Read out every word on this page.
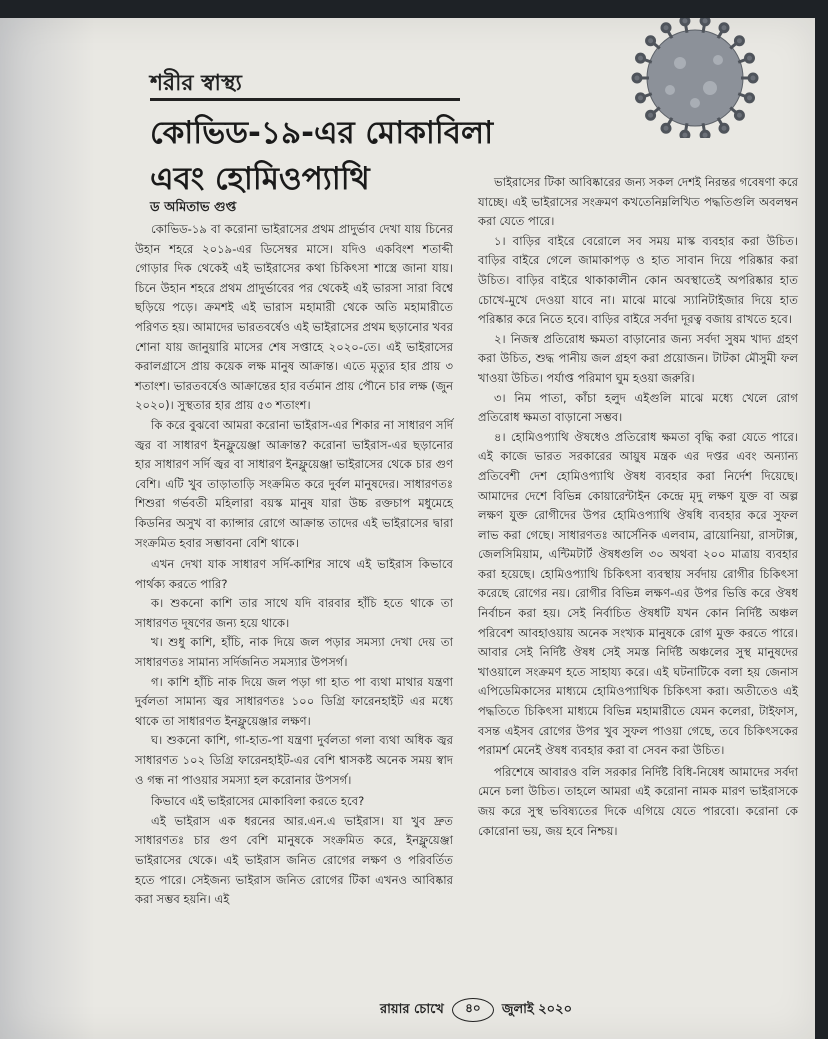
শরীর স্বাস্থ্য
কোভিড-১৯-এর মোকাবিলা
এবং হোমিওপ্যাথি
ড অমিতাভ গুপ্ত

কোভিড-১৯ বা করোনা ভাইরাসের প্রথম প্রাদুর্ভাব দেখা যায় চিনের উহান শহরে ২০১৯-এর ডিসেম্বর মাসে। যদিও একবিংশ শতাব্দী গোড়ার দিক থেকেই এই ভাইরাসের কথা চিকিৎসা শাস্ত্রে জানা যায়। চিনে উহান শহরে প্রথম প্রাদুর্ভাবের পর থেকেই এই ভারসা সারা বিশ্বে ছড়িয়ে পড়ে। ক্রমশই এই ভারাস মহামারী থেকে অতি মহামারীতে পরিণত হয়। আমাদের ভারতবর্ষেও এই ভাইরাসের প্রথম ছড়ানোর খবর শোনা যায় জানুয়ারি মাসের শেষ সপ্তাহে ২০২০-তে। এই ভাইরাসের করালগ্রাসে প্রায় কয়েক লক্ষ মানুষ আক্রান্ত। এতে মৃত্যুর হার প্রায় ৩ শতাংশ। ভারতবর্ষেও আক্রান্তের হার বর্তমান প্রায় পৌনে চার লক্ষ (জুন ২০২০)। সুস্থতার হার প্রায় ৫৩ শতাংশ।

কি করে বুঝবো আমরা করোনা ভাইরাস-এর শিকার না সাধারণ সর্দি জ্বর বা সাধারণ ইনফ্লুয়েঞ্জা আক্রান্ত? করোনা ভাইরাস-এর ছড়ানোর হার সাধারণ সর্দি জ্বর বা সাধারণ ইনফ্লুয়েঞ্জা ভাইরাসের থেকে চার গুণ বেশি। এটি খুব তাড়াতাড়ি সংক্রমিত করে দুর্বল মানুষদের। সাধারণতঃ শিশুরা গর্ভবতী মহিলারা বয়স্ক মানুষ যারা উচ্চ রক্তচাপ মধুমেহে কিডনির অসুখ বা ক্যান্সার রোগে আক্রান্ত তাদের এই ভাইরাসের দ্বারা সংক্রমিত হবার সম্ভাবনা বেশি থাকে।

এখন দেখা যাক সাধারণ সর্দি-কাশির সাথে এই ভাইরাস কিভাবে পার্থক্য করতে পারি?

ক। শুকনো কাশি তার সাথে যদি বারবার হাঁচি হতে থাকে তা সাধারণত দূষণের জন্য হয়ে থাকে।

খ। শুধু কাশি, হাঁচি, নাক দিয়ে জল পড়ার সমস্যা দেখা দেয় তা সাধারণতঃ সামান্য সর্দিজনিত সমস্যার উপসর্গ।

গ। কাশি হাঁচি নাক দিয়ে জল পড়া গা হাত পা ব্যথা মাথার যন্ত্রণা দুর্বলতা সামান্য জ্বর সাধারণতঃ ১০০ ডিগ্রি ফারেনহাইট এর মধ্যে থাকে তা সাধারণত ইনফ্লুয়েঞ্জার লক্ষণ।

ঘ। শুকনো কাশি, গা-হাত-পা যন্ত্রণা দুর্বলতা গলা ব্যথা অধিক জ্বর সাধারণত ১০২ ডিগ্রি ফারেনহাইট-এর বেশি শ্বাসকষ্ট অনেক সময় স্বাদ ও গন্ধ না পাওয়ার সমস্যা হল করোনার উপসর্গ।

কিভাবে এই ভাইরাসের মোকাবিলা করতে হবে?

এই ভাইরাস এক ধরনের আর.এন.এ ভাইরাস। যা খুব দ্রুত সাধারণতঃ চার গুণ বেশি মানুষকে সংক্রমিত করে, ইনফ্লুয়েঞ্জা ভাইরাসের থেকে। এই ভাইরাস জনিত রোগের লক্ষণ ও পরিবর্তিত হতে পারে। সেইজন্য ভাইরাস জনিত রোগের টিকা এখনও আবিষ্কার করা সম্ভব হয়নি। এই

ভাইরাসের টিকা আবিষ্কারের জন্য সকল দেশই নিরন্তর গবেষণা করে যাচ্ছে। এই ভাইরাসের সংক্রমণ কখতেনিম্নলিখিত পদ্ধতিগুলি অবলম্বন করা যেতে পারে।

১। বাড়ির বাইরে বেরোলে সব সময় মাস্ক ব্যবহার করা উচিত। বাড়ির বাইরে গেলে জামাকাপড় ও হাত সাবান দিয়ে পরিষ্কার করা উচিত। বাড়ির বাইরে থাকাকালীন কোন অবস্থাতেই অপরিষ্কার হাত চোখে-মুখে দেওয়া যাবে না। মাঝে মাঝে স্যানিটাইজার দিয়ে হাত পরিষ্কার করে নিতে হবে। বাড়ির বাইরে সর্বদা দূরত্ব বজায় রাখতে হবে।

২। নিজস্ব প্রতিরোধ ক্ষমতা বাড়ানোর জন্য সর্বদা সুষম খাদ্য গ্রহণ করা উচিত, শুদ্ধ পানীয় জল গ্রহণ করা প্রয়োজন। টাটকা মৌসুমী ফল খাওয়া উচিত। পর্যাপ্ত পরিমাণ ঘুম হওয়া জরুরি।

৩। নিম পাতা, কাঁচা হলুদ এইগুলি মাঝে মধ্যে খেলে রোগ প্রতিরোধ ক্ষমতা বাড়ানো সম্ভব।

৪। হোমিওপ্যাথি ঔষধেও প্রতিরোধ ক্ষমতা বৃদ্ধি করা যেতে পারে। এই কাজে ভারত সরকারের আয়ুষ মন্ত্রক এর দপ্তর এবং অন্যান্য প্রতিবেশী দেশ হোমিওপ্যাথি ঔষধ ব্যবহার করা নির্দেশ দিয়েছে। আমাদের দেশে বিভিন্ন কোয়ারেন্টাইন কেন্দ্রে মৃদু লক্ষণ যুক্ত বা অল্প লক্ষণ যুক্ত রোগীদের উপর হোমিওপ্যাথি ঔষধি ব্যবহার করে সুফল লাভ করা গেছে। সাধারণতঃ আর্সেনিক এলবাম, ব্রায়োনিয়া, রাসটাক্স, জেলসিমিয়াম, এন্টিমটার্ট ঔষধগুলি ৩০ অথবা ২০০ মাত্রায় ব্যবহার করা হয়েছে। হোমিওপ্যাথি চিকিৎসা ব্যবস্থায় সর্বদায় রোগীর চিকিৎসা করেছে রোগের নয়। রোগীর বিভিন্ন লক্ষণ-এর উপর ভিত্তি করে ঔষধ নির্বাচন করা হয়। সেই নির্বাচিত ঔষধটি যখন কোন নির্দিষ্ট অঞ্চল পরিবেশ আবহাওয়ায় অনেক সংখ্যক মানুষকে রোগ মুক্ত করতে পারে। আবার সেই নির্দিষ্ট ঔষধ সেই সমস্ত নির্দিষ্ট অঞ্চলের সুস্থ মানুষদের খাওয়ালে সংক্রমণ হতে সাহায্য করে। এই ঘটনাটিকে বলা হয় জেনাস এপিডেমিকাসের মাধ্যমে হোমিওপ্যাথিক চিকিৎসা করা। অতীতেও এই পদ্ধতিতে চিকিৎসা মাধ্যমে বিভিন্ন মহামারীতে যেমন কলেরা, টাইফাস, বসন্ত এইসব রোগের উপর খুব সুফল পাওয়া গেছে, তবে চিকিৎসকের পরামর্শ মেনেই ঔষধ ব্যবহার করা বা সেবন করা উচিত।

পরিশেষে আবারও বলি সরকার নির্দিষ্ট বিধি-নিষেধ আমাদের সর্বদা মেনে চলা উচিত। তাহলে আমরা এই করোনা নামক মারণ ভাইরাসকে জয় করে সুস্থ ভবিষ্যতের দিকে এগিয়ে যেতে পারবো। করোনা কে কোরোনা ভয়, জয় হবে নিশ্চয়।

রায়ার চোখে	৪০	জুলাই ২০২০
